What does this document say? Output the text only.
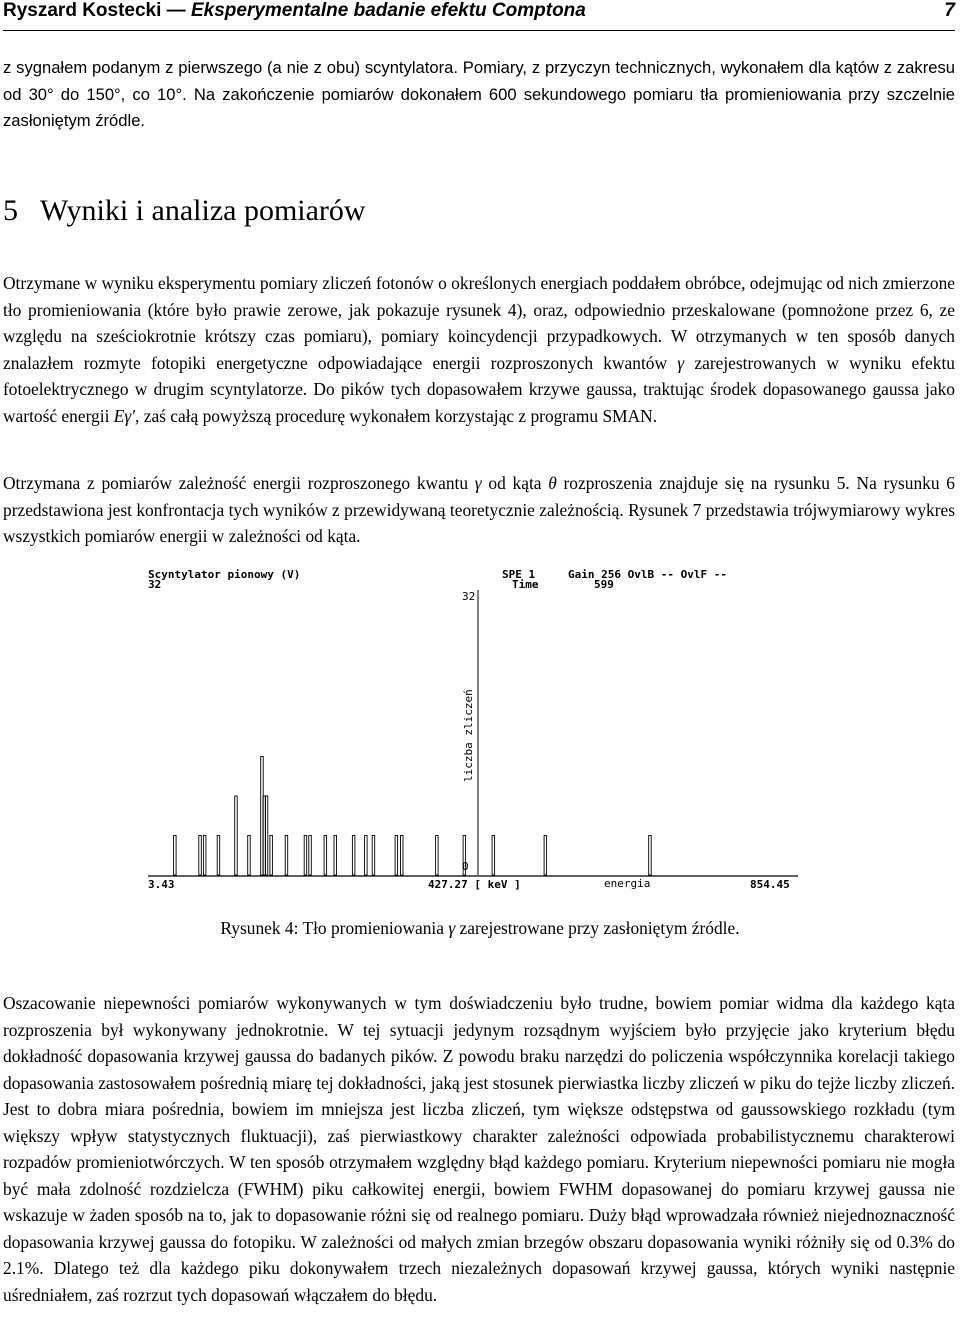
Ryszard Kostecki — Eksperymentalne badanie efektu Comptona	7

z sygnałem podanym z pierwszego (a nie z obu) scyntylatora. Pomiary, z przyczyn technicznych, wykonałem dla kątów z zakresu od 30° do 150°, co 10°. Na zakończenie pomiarów dokonałem 600 sekundowego pomiaru tła promieniowania przy szczelnie zasłoniętym źródle.

5 Wyniki i analiza pomiarów

Otrzymane w wyniku eksperymentu pomiary zliczeń fotonów o określonych energiach poddałem obróbce, odejmując od nich zmierzone tło promieniowania (które było prawie zerowe, jak pokazuje rysunek 4), oraz, odpowiednio przeskalowane (pomnożone przez 6, ze względu na sześciokrotnie krótszy czas pomiaru), pomiary koincydencji przypadkowych. W otrzymanych w ten sposób danych znalazłem rozmyte fotopiki energetyczne odpowiadające energii rozproszonych kwantów γ zarejestrowanych w wyniku efektu fotoelektrycznego w drugim scyntylatorze. Do pików tych dopasowałem krzywe gaussa, traktując środek dopasowanego gaussa jako wartość energii Eγ′, zaś całą powyższą procedurę wykonałem korzystając z programu SMAN.

Otrzymana z pomiarów zależność energii rozproszonego kwantu γ od kąta θ rozproszenia znajduje się na rysunku 5. Na rysunku 6 przedstawiona jest konfrontacja tych wyników z przewidywaną teoretycznie zależnością. Rysunek 7 przedstawia trójwymiarowy wykres wszystkich pomiarów energii w zależności od kąta.

Scyntylator pionowy (V)
32
SPE 1	Gain 256 OvlB -- OvlF --
Time	599
32
0
liczba zliczeń
3.43	427.27 [ keV ]	energia	854.45
Rysunek 4: Tło promieniowania γ zarejestrowane przy zasłoniętym źródle.

Oszacowanie niepewności pomiarów wykonywanych w tym doświadczeniu było trudne, bowiem pomiar widma dla każdego kąta rozproszenia był wykonywany jednokrotnie. W tej sytuacji jedynym rozsądnym wyjściem było przyjęcie jako kryterium błędu dokładność dopasowania krzywej gaussa do badanych pików. Z powodu braku narzędzi do policzenia współczynnika korelacji takiego dopasowania zastosowałem pośrednią miarę tej dokładności, jaką jest stosunek pierwiastka liczby zliczeń w piku do tejże liczby zliczeń. Jest to dobra miara pośrednia, bowiem im mniejsza jest liczba zliczeń, tym większe odstępstwa od gaussowskiego rozkładu (tym większy wpływ statystycznych fluktuacji), zaś pierwiastkowy charakter zależności odpowiada probabilistycznemu charakterowi rozpadów promieniotwórczych. W ten sposób otrzymałem względny błąd każdego pomiaru. Kryterium niepewności pomiaru nie mogła być mała zdolność rozdzielcza (FWHM) piku całkowitej energii, bowiem FWHM dopasowanej do pomiaru krzywej gaussa nie wskazuje w żaden sposób na to, jak to dopasowanie różni się od realnego pomiaru. Duży błąd wprowadzała również niejednoznaczność dopasowania krzywej gaussa do fotopiku. W zależności od małych zmian brzegów obszaru dopasowania wyniki różniły się od 0.3% do 2.1%. Dlatego też dla każdego piku dokonywałem trzech niezależnych dopasowań krzywej gaussa, których wyniki następnie uśredniałem, zaś rozrzut tych dopasowań włączałem do błędu.
